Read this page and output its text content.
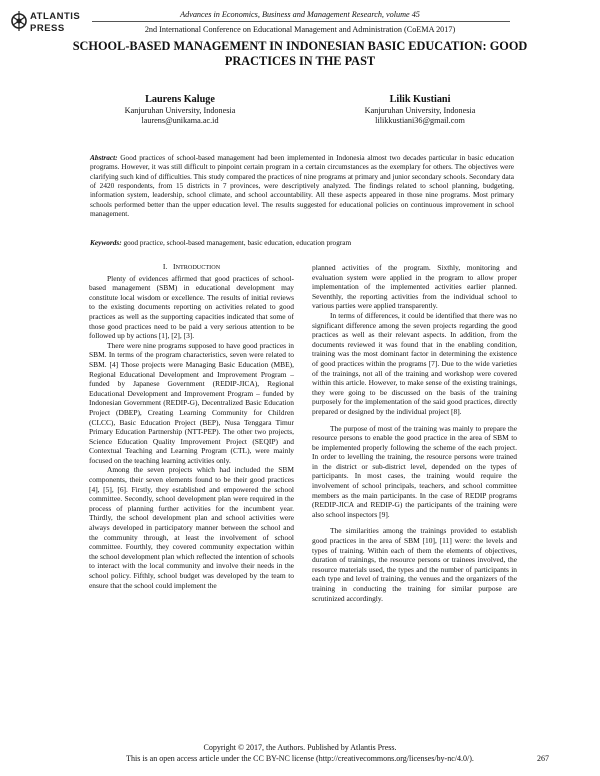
ATLANTIS
PRESS
Advances in Economics, Business and Management Research, volume 45
2nd International Conference on Educational Management and Administration (CoEMA 2017)
SCHOOL-BASED MANAGEMENT IN INDONESIAN BASIC EDUCATION: GOOD PRACTICES IN THE PAST
Laurens Kaluge
Kanjuruhan University, Indonesia
laurens@unikama.ac.id
Lilik Kustiani
Kanjuruhan University, Indonesia
lilikkustiani36@gmail.com
Abstract: Good practices of school-based management had been implemented in Indonesia almost two decades particular in basic education programs. However, it was still difficult to pinpoint certain program in a certain circumstances as the exemplary for others. The objectives were clarifying such kind of difficulties. This study compared the practices of nine programs at primary and junior secondary schools. Secondary data of 2420 respondents, from 15 districts in 7 provinces, were descriptively analyzed. The findings related to school planning, budgeting, information system, leadership, school climate, and school accountability. All these aspects appeared in those nine programs. Most primary schools performed better than the upper education level. The results suggested for educational policies on continuous improvement in school management.
Keywords: good practice, school-based management, basic education, education program

I. INTRODUCTION

Plenty of evidences affirmed that good practices of school-based management (SBM) in educational development may constitute local wisdom or excellence. The results of initial reviews to the existing documents reporting on activities related to good practices as well as the supporting capacities indicated that some of those good practices need to be paid a very serious attention to be followed up by actions [1], [2], [3].

There were nine programs supposed to have good practices in SBM. In terms of the program characteristics, seven were related to SBM. [4] Those projects were Managing Basic Education (MBE), Regional Educational Development and Improvement Program – funded by Japanese Government (REDIP-JICA), Regional Educational Development and Improvement Program – funded by Indonesian Government (REDIP-G), Decentralized Basic Education Project (DBEP), Creating Learning Community for Children (CLCC), Basic Education Project (BEP), Nusa Tenggara Timur Primary Education Partnership (NTT-PEP). The other two projects, Science Education Quality Improvement Project (SEQIP) and Contextual Teaching and Learning Program (CTL), were mainly focused on the teaching learning activities only.

Among the seven projects which had included the SBM components, their seven elements found to be their good practices [4], [5], [6]. Firstly, they established and empowered the school committee. Secondly, school development plan were required in the process of planning further activities for the incumbent year. Thirdly, the school development plan and school activities were always developed in participatory manner between the school and the community through, at least the involvement of school committee. Fourthly, they covered community expectation within the school development plan which reflected the intention of schools to interact with the local community and involve their needs in the school policy. Fifthly, school budget was developed by the team to ensure that the school could implement the

planned activities of the program. Sixthly, monitoring and evaluation system were applied in the program to allow proper implementation of the implemented activities earlier planned. Seventhly, the reporting activities from the individual school to various parties were applied transparently.

In terms of differences, it could be identified that there was no significant difference among the seven projects regarding the good practices as well as their relevant aspects. In addition, from the documents reviewed it was found that in the enabling condition, training was the most dominant factor in determining the existence of good practices within the programs [7]. Due to the wide varieties of the trainings, not all of the training and workshop were covered within this article. However, to make sense of the existing trainings, they were going to be discussed on the basis of the training purposely for the implementation of the said good practices, directly prepared or designed by the individual project [8].

The purpose of most of the training was mainly to prepare the resource persons to enable the good practice in the area of SBM to be implemented properly following the scheme of the each project. In order to levelling the training, the resource persons were trained in the district or sub-district level, depended on the types of participants. In most cases, the training would require the involvement of school principals, teachers, and school committee members as the main participants. In the case of REDIP programs (REDIP-JICA and REDIP-G) the participants of the training were also school inspectors [9].

The similarities among the trainings provided to establish good practices in the area of SBM [10], [11] were: the levels and types of training. Within each of them the elements of objectives, duration of trainings, the resource persons or trainees involved, the resource materials used, the types and the number of participants in each type and level of training, the venues and the organizers of the training in conducting the training for similar purpose are scrutinized accordingly.

Copyright © 2017, the Authors. Published by Atlantis Press.
This is an open access article under the CC BY-NC license (http://creativecommons.org/licenses/by-nc/4.0/).	267
